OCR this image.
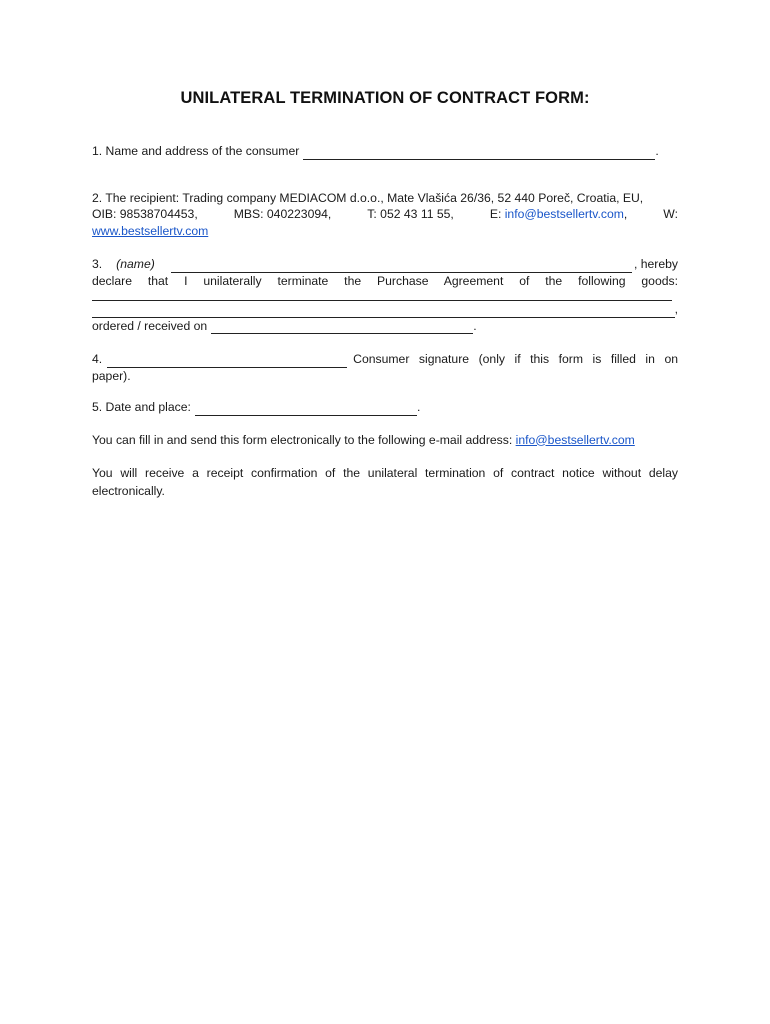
UNILATERAL TERMINATION OF CONTRACT FORM:
1. Name and address of the consumer	.
2. The recipient: Trading company MEDIACOM d.o.o., Mate Vlašića 26/36, 52 440 Poreč, Croatia, EU,
OIB: 98538704453,	MBS: 040223094,	T: 052 43 11 55,	E: info@bestsellertv.com,	W:
www.bestsellertv.com
3. (name)	, hereby
declare that I unilaterally terminate the Purchase Agreement of the following goods:
,
ordered / received on	.
4.	Consumer signature (only if this form is filled in on
paper).
5. Date and place:	.
You can fill in and send this form electronically to the following e-mail address: info@bestsellertv.com
You will receive a receipt confirmation of the unilateral termination of contract notice without delay electronically.
